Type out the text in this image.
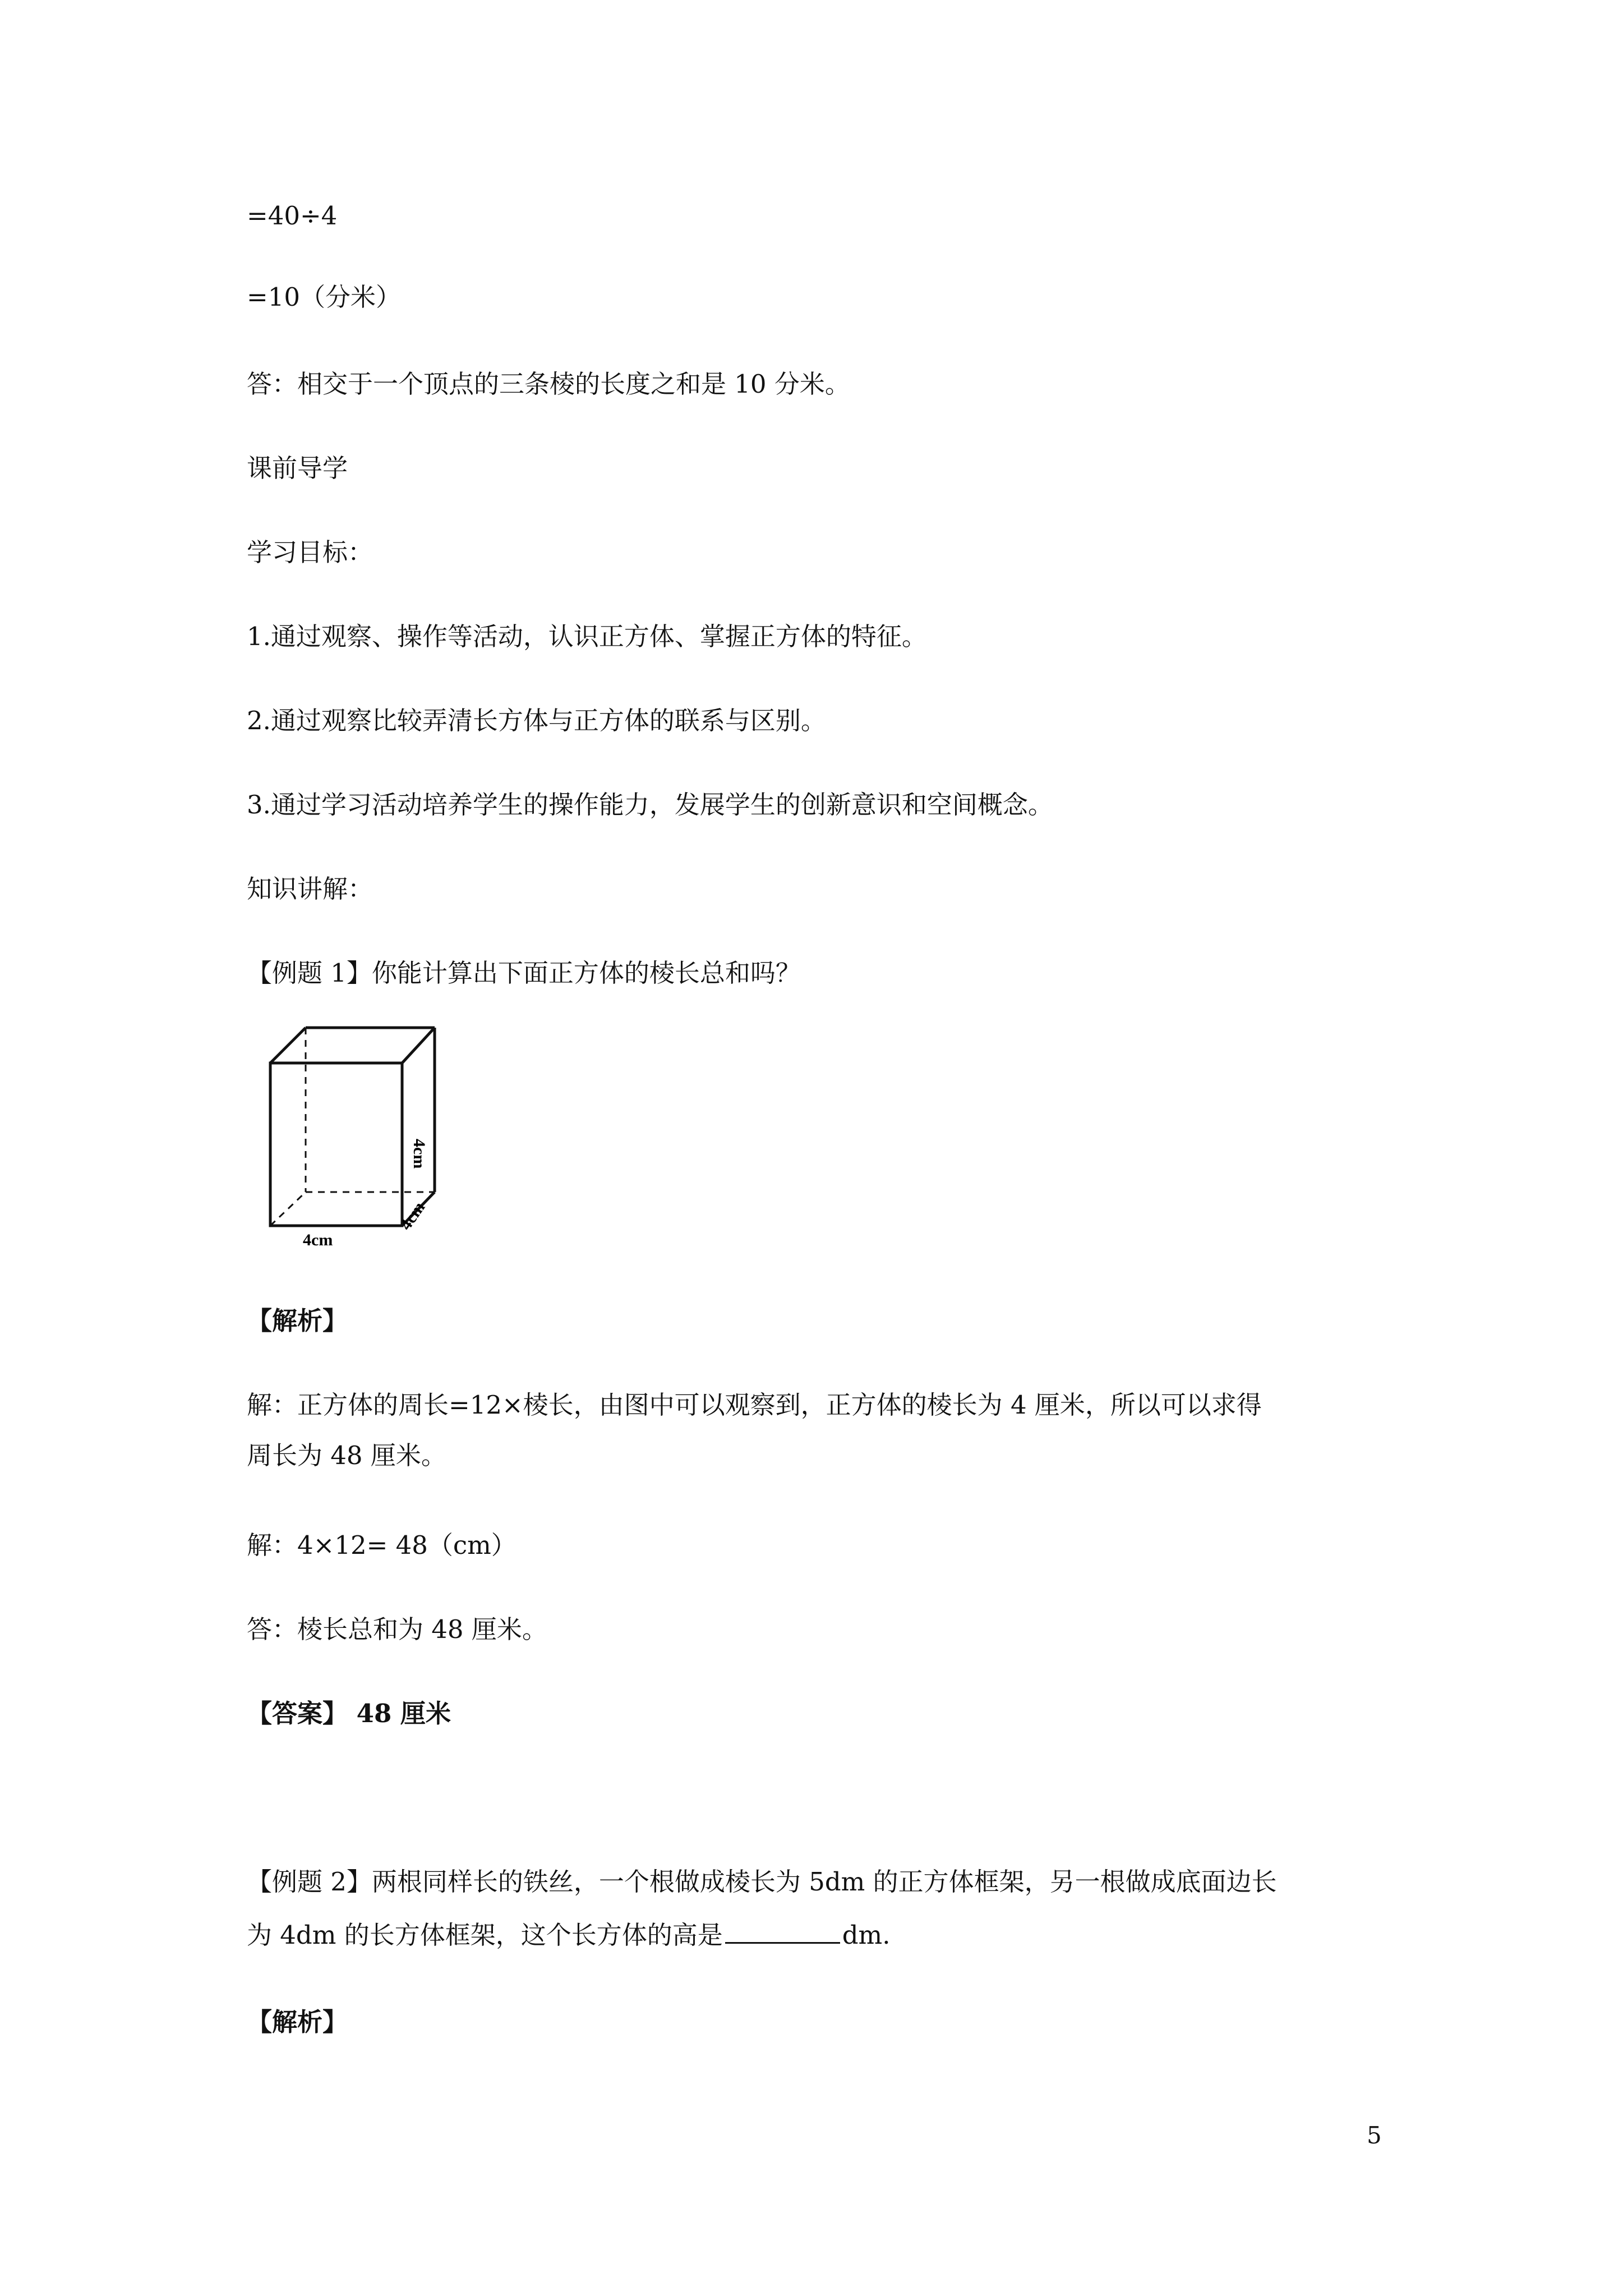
=40÷4
=10（分米）
答：相交于一个顶点的三条棱的长度之和是 10 分米。
课前导学
学习目标：
1.通过观察、操作等活动，认识正方体、掌握正方体的特征。
2.通过观察比较弄清长方体与正方体的联系与区别。
3.通过学习活动培养学生的操作能力，发展学生的创新意识和空间概念。
知识讲解：
【例题 1】你能计算出下面正方体的棱长总和吗？
4cm
4cm
4cm
【解析】
解：正方体的周长=12×棱长，由图中可以观察到，正方体的棱长为 4 厘米，所以可以求得
周长为 48 厘米。
解：4×12= 48（cm）
答：棱长总和为 48 厘米。
【答案】 48 厘米
【例题 2】两根同样长的铁丝，一个根做成棱长为 5dm 的正方体框架，另一根做成底面边长
为 4dm 的长方体框架，这个长方体的高是	dm.
【解析】
5
